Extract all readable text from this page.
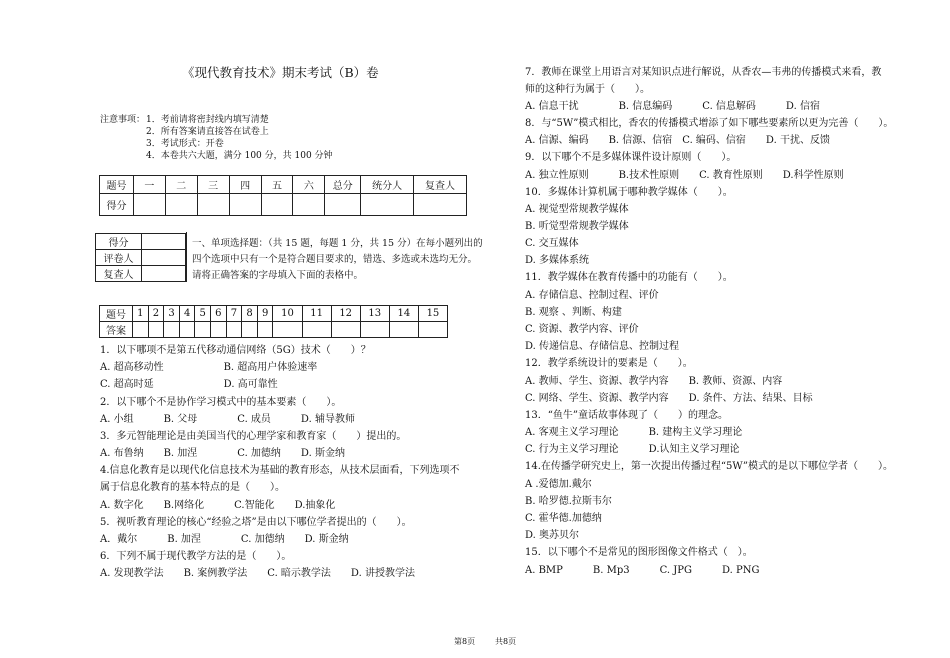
《现代教育技术》期末考试（B）卷
注意事项： 1．考前请将密封线内填写清楚
2．所有答案请直接答在试卷上
3．考试形式：开卷
4．本卷共六大题，满分 100 分，共 100 分钟
题号	一	二	三	四	五	六	总分	统分人	复查人
得分									
得分	
评卷人	
复查人	
一、单项选择题：（共 15 题，每题 1 分，共 15 分）在每小题列出的
四个选项中只有一个是符合题目要求的，错选、多选或未选均无分。
请将正确答案的字母填入下面的表格中。
题号	1	2	3	4	5	6	7	8	9	10	11	12	13	14	15
答案															
1．以下哪项不是第五代移动通信网络（5G）技术（　　）？
A. 超高移动性　　　　　　B. 超高用户体验速率
C. 超高时延　　　　　　　D. 高可靠性
2．以下哪个不是协作学习模式中的基本要素（　　）。
A. 小组　　　B. 父母　　　　C. 成员　　　D. 辅导教师
3．多元智能理论是由美国当代的心理学家和教育家（　　）提出的。
A. 布鲁纳　　B. 加涅　　　　C. 加德纳　　D. 斯金纳
4.信息化教育是以现代化信息技术为基础的教育形态，从技术层面看，下列选项不
属于信息化教育的基本特点的是（　　）。
A. 数字化　　B.网络化　　　C.智能化　　D.抽象化
5．视听教育理论的核心“经验之塔”是由以下哪位学者提出的（　　）。
A．戴尔　　　B. 加涅　　　　C. 加德纳　　D. 斯金纳
6．下列不属于现代教学方法的是（　　）。
A. 发现教学法　　B. 案例教学法　　C. 暗示教学法　　D. 讲授教学法
7．教师在课堂上用语言对某知识点进行解说，从香农—韦弗的传播模式来看，教
师的这种行为属于（　　）。
A. 信息干扰　　　　B. 信息编码　　　C. 信息解码　　　D. 信宿
8．与“5W”模式相比，香农的传播模式增添了如下哪些要素所以更为完善（　　）。
A. 信源、编码　　B. 信源、信宿　C. 编码、信宿　　D. 干扰、反馈
9．以下哪个不是多媒体课件设计原则（　　）。
A. 独立性原则　　　B.技术性原则　　C. 教育性原则　　D.科学性原则
10．多媒体计算机属于哪种教学媒体（　　）。
A. 视觉型常规教学媒体
B. 听觉型常规教学媒体
C. 交互媒体
D. 多媒体系统
11．教学媒体在教育传播中的功能有（　　）。
A. 存储信息、控制过程、评价
B. 观察 、判断、构建
C. 资源、教学内容、评价
D. 传递信息、存储信息、控制过程
12．教学系统设计的要素是（　　）。
A. 教师、学生、资源、教学内容　　B. 教师、资源、内容
C. 网络、学生、资源、教学内容　　D. 条件、方法、结果、目标
13．“鱼牛”童话故事体现了（　　）的理念。
A. 客观主义学习理论　　　B. 建构主义学习理论
C. 行为主义学习理论　　　D.认知主义学习理论
14.在传播学研究史上，第一次提出传播过程“5W”模式的是以下哪位学者（　　）。
A .爱德加.戴尔
B. 哈罗德.拉斯韦尔
C. 霍华德.加德纳
D. 奥苏贝尔
15．以下哪个不是常见的图形图像文件格式（　）。
A. BMP　　　B. Mp3　　　C. JPG　　　D. PNG
第8页 共8页
